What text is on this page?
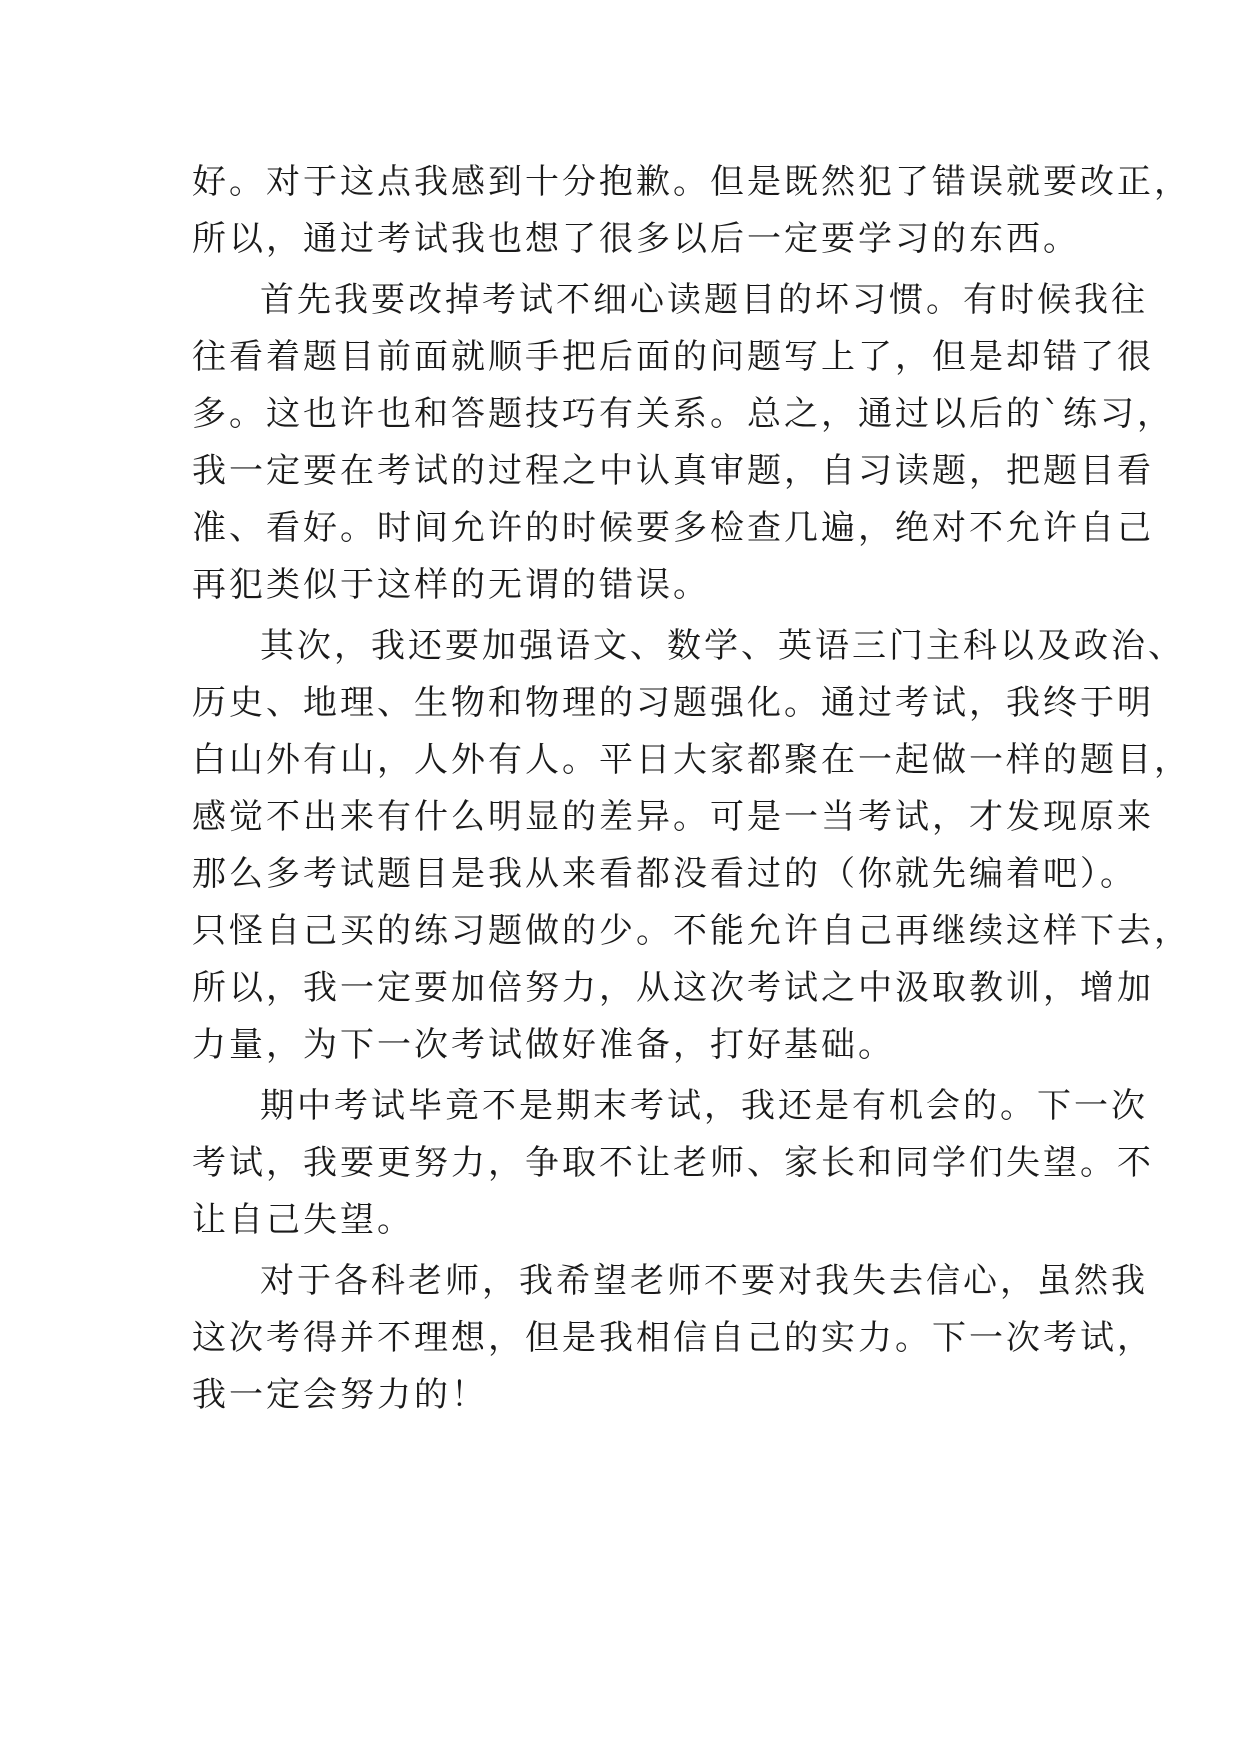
好。对于这点我感到十分抱歉。但是既然犯了错误就要改正，
所以，通过考试我也想了很多以后一定要学习的东西。
首先我要改掉考试不细心读题目的坏习惯。有时候我往
往看着题目前面就顺手把后面的问题写上了，但是却错了很
多。这也许也和答题技巧有关系。总之，通过以后的`练习，
我一定要在考试的过程之中认真审题，自习读题，把题目看
准、看好。时间允许的时候要多检查几遍，绝对不允许自己
再犯类似于这样的无谓的错误。
其次，我还要加强语文、数学、英语三门主科以及政治、
历史、地理、生物和物理的习题强化。通过考试，我终于明
白山外有山，人外有人。平日大家都聚在一起做一样的题目，
感觉不出来有什么明显的差异。可是一当考试，才发现原来
那么多考试题目是我从来看都没看过的（你就先编着吧）。
只怪自己买的练习题做的少。不能允许自己再继续这样下去，
所以，我一定要加倍努力，从这次考试之中汲取教训，增加
力量，为下一次考试做好准备，打好基础。
期中考试毕竟不是期末考试，我还是有机会的。下一次
考试，我要更努力，争取不让老师、家长和同学们失望。不
让自己失望。
对于各科老师，我希望老师不要对我失去信心，虽然我
这次考得并不理想，但是我相信自己的实力。下一次考试，
我一定会努力的！
